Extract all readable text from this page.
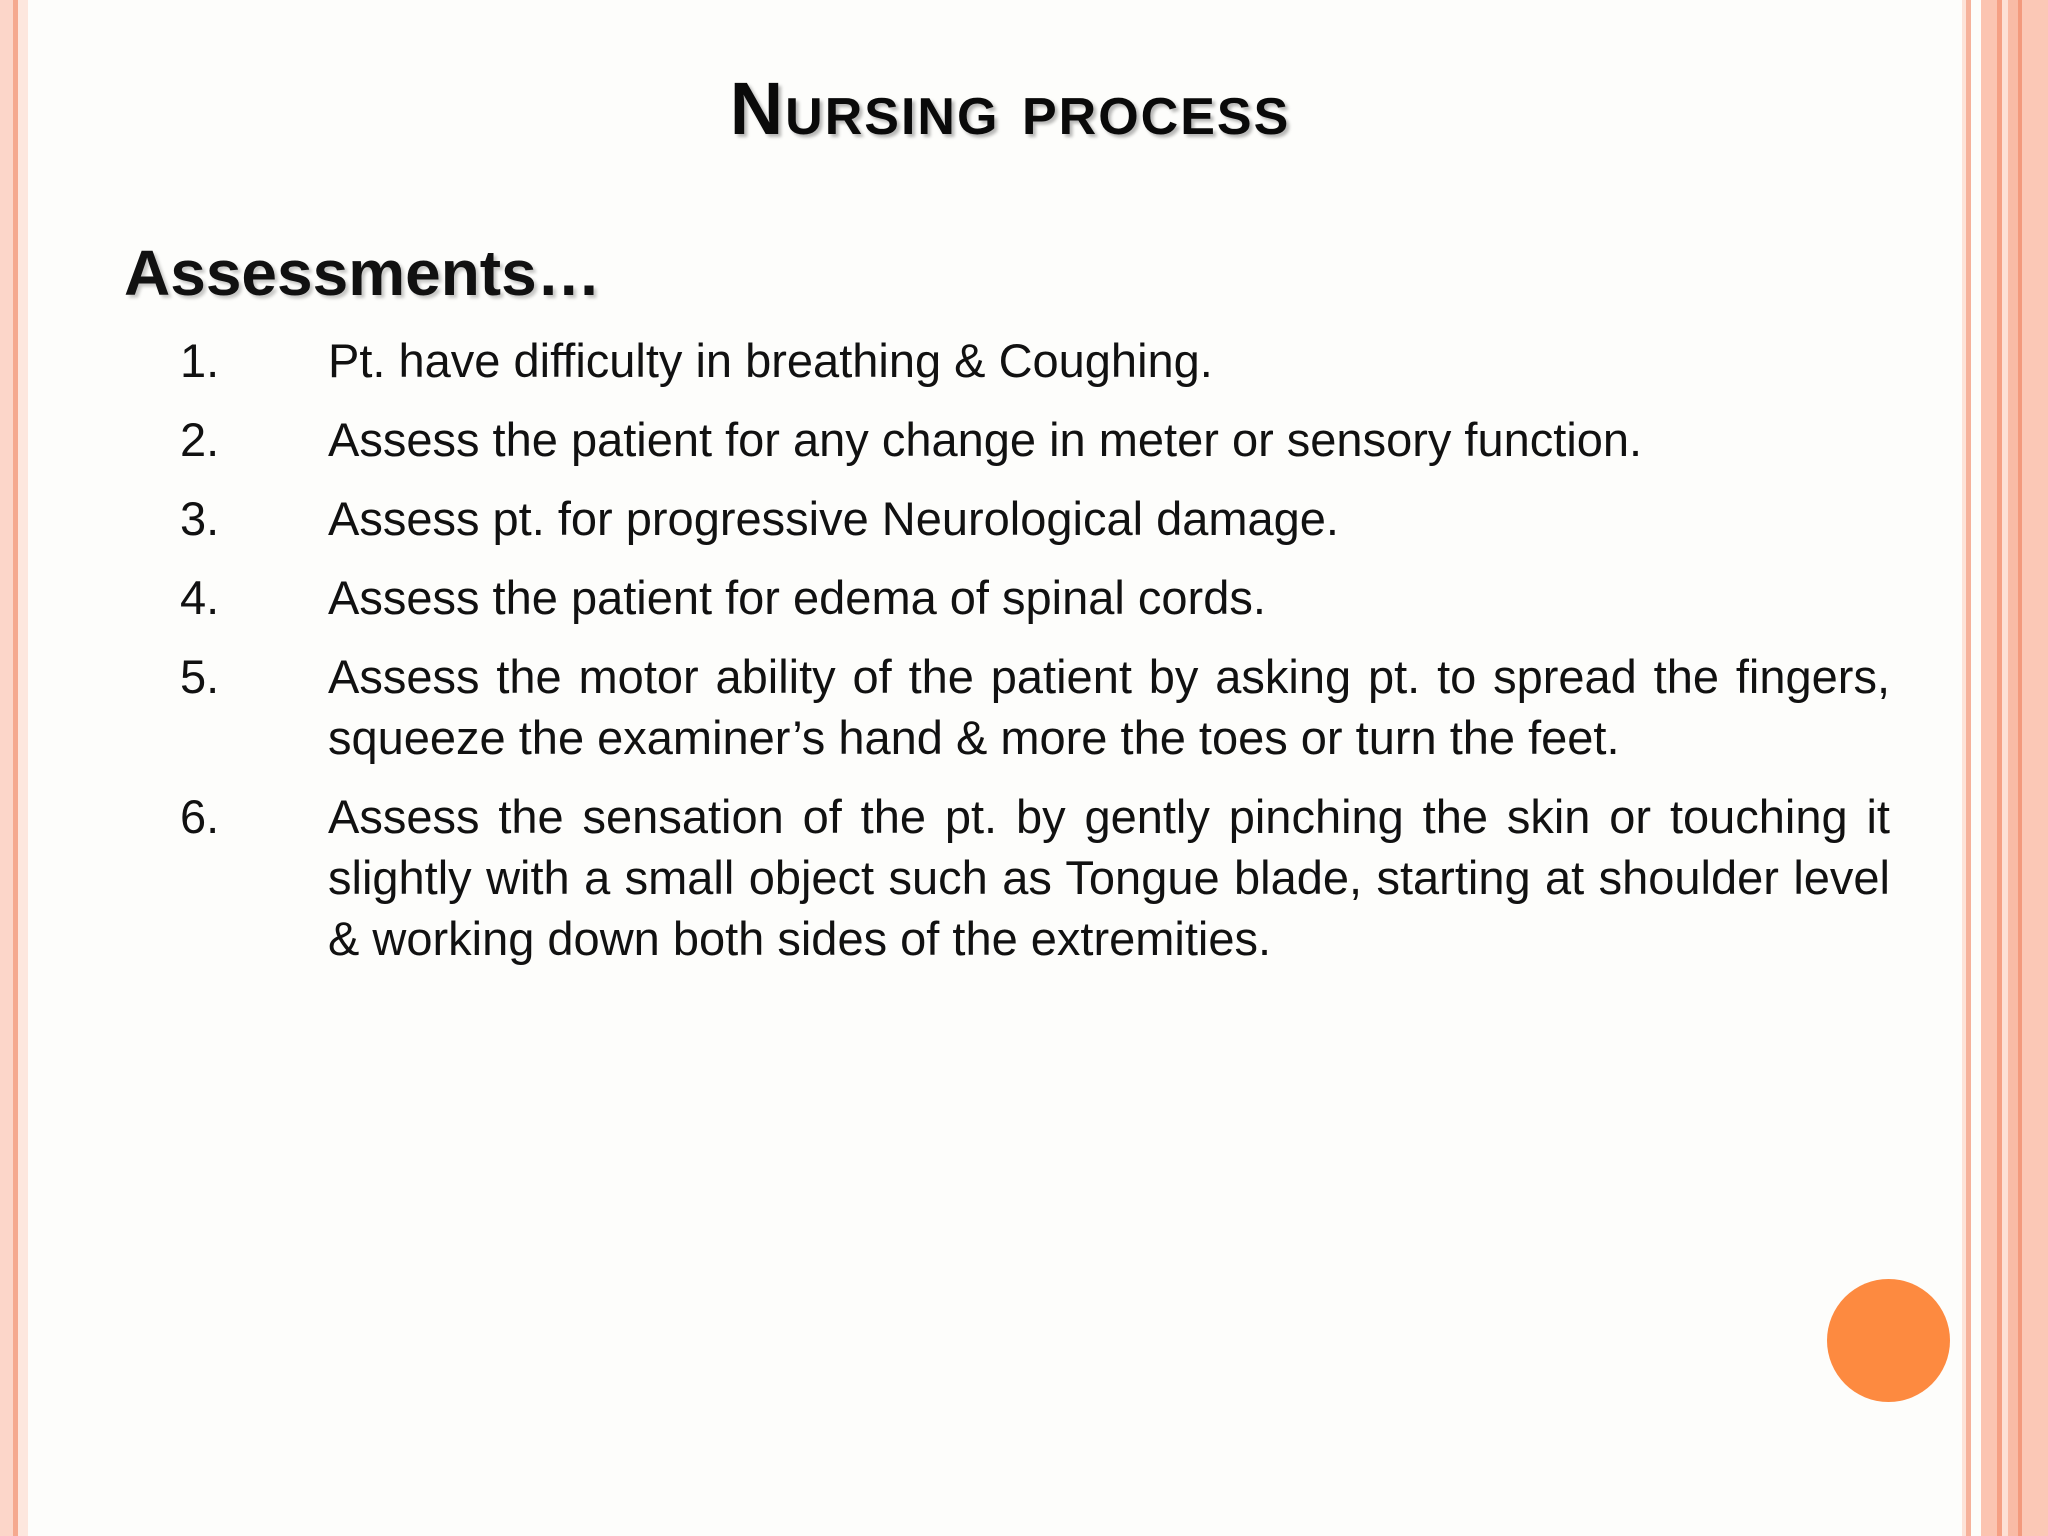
Nursing process
Assessments…
1.	Pt. have difficulty in breathing & Coughing.
2.	Assess the patient for any change in meter or sensory function.
3.	Assess pt. for progressive Neurological damage.
4.	Assess the patient for edema of spinal cords.
5.	Assess the motor ability of the patient by asking pt. to spread the fingers, squeeze the examiner’s hand & more the toes or turn the feet.
6.	Assess the sensation of the pt. by gently pinching the skin or touching it slightly with a small object such as Tongue blade, starting at shoulder level & working down both sides of the extremities.
